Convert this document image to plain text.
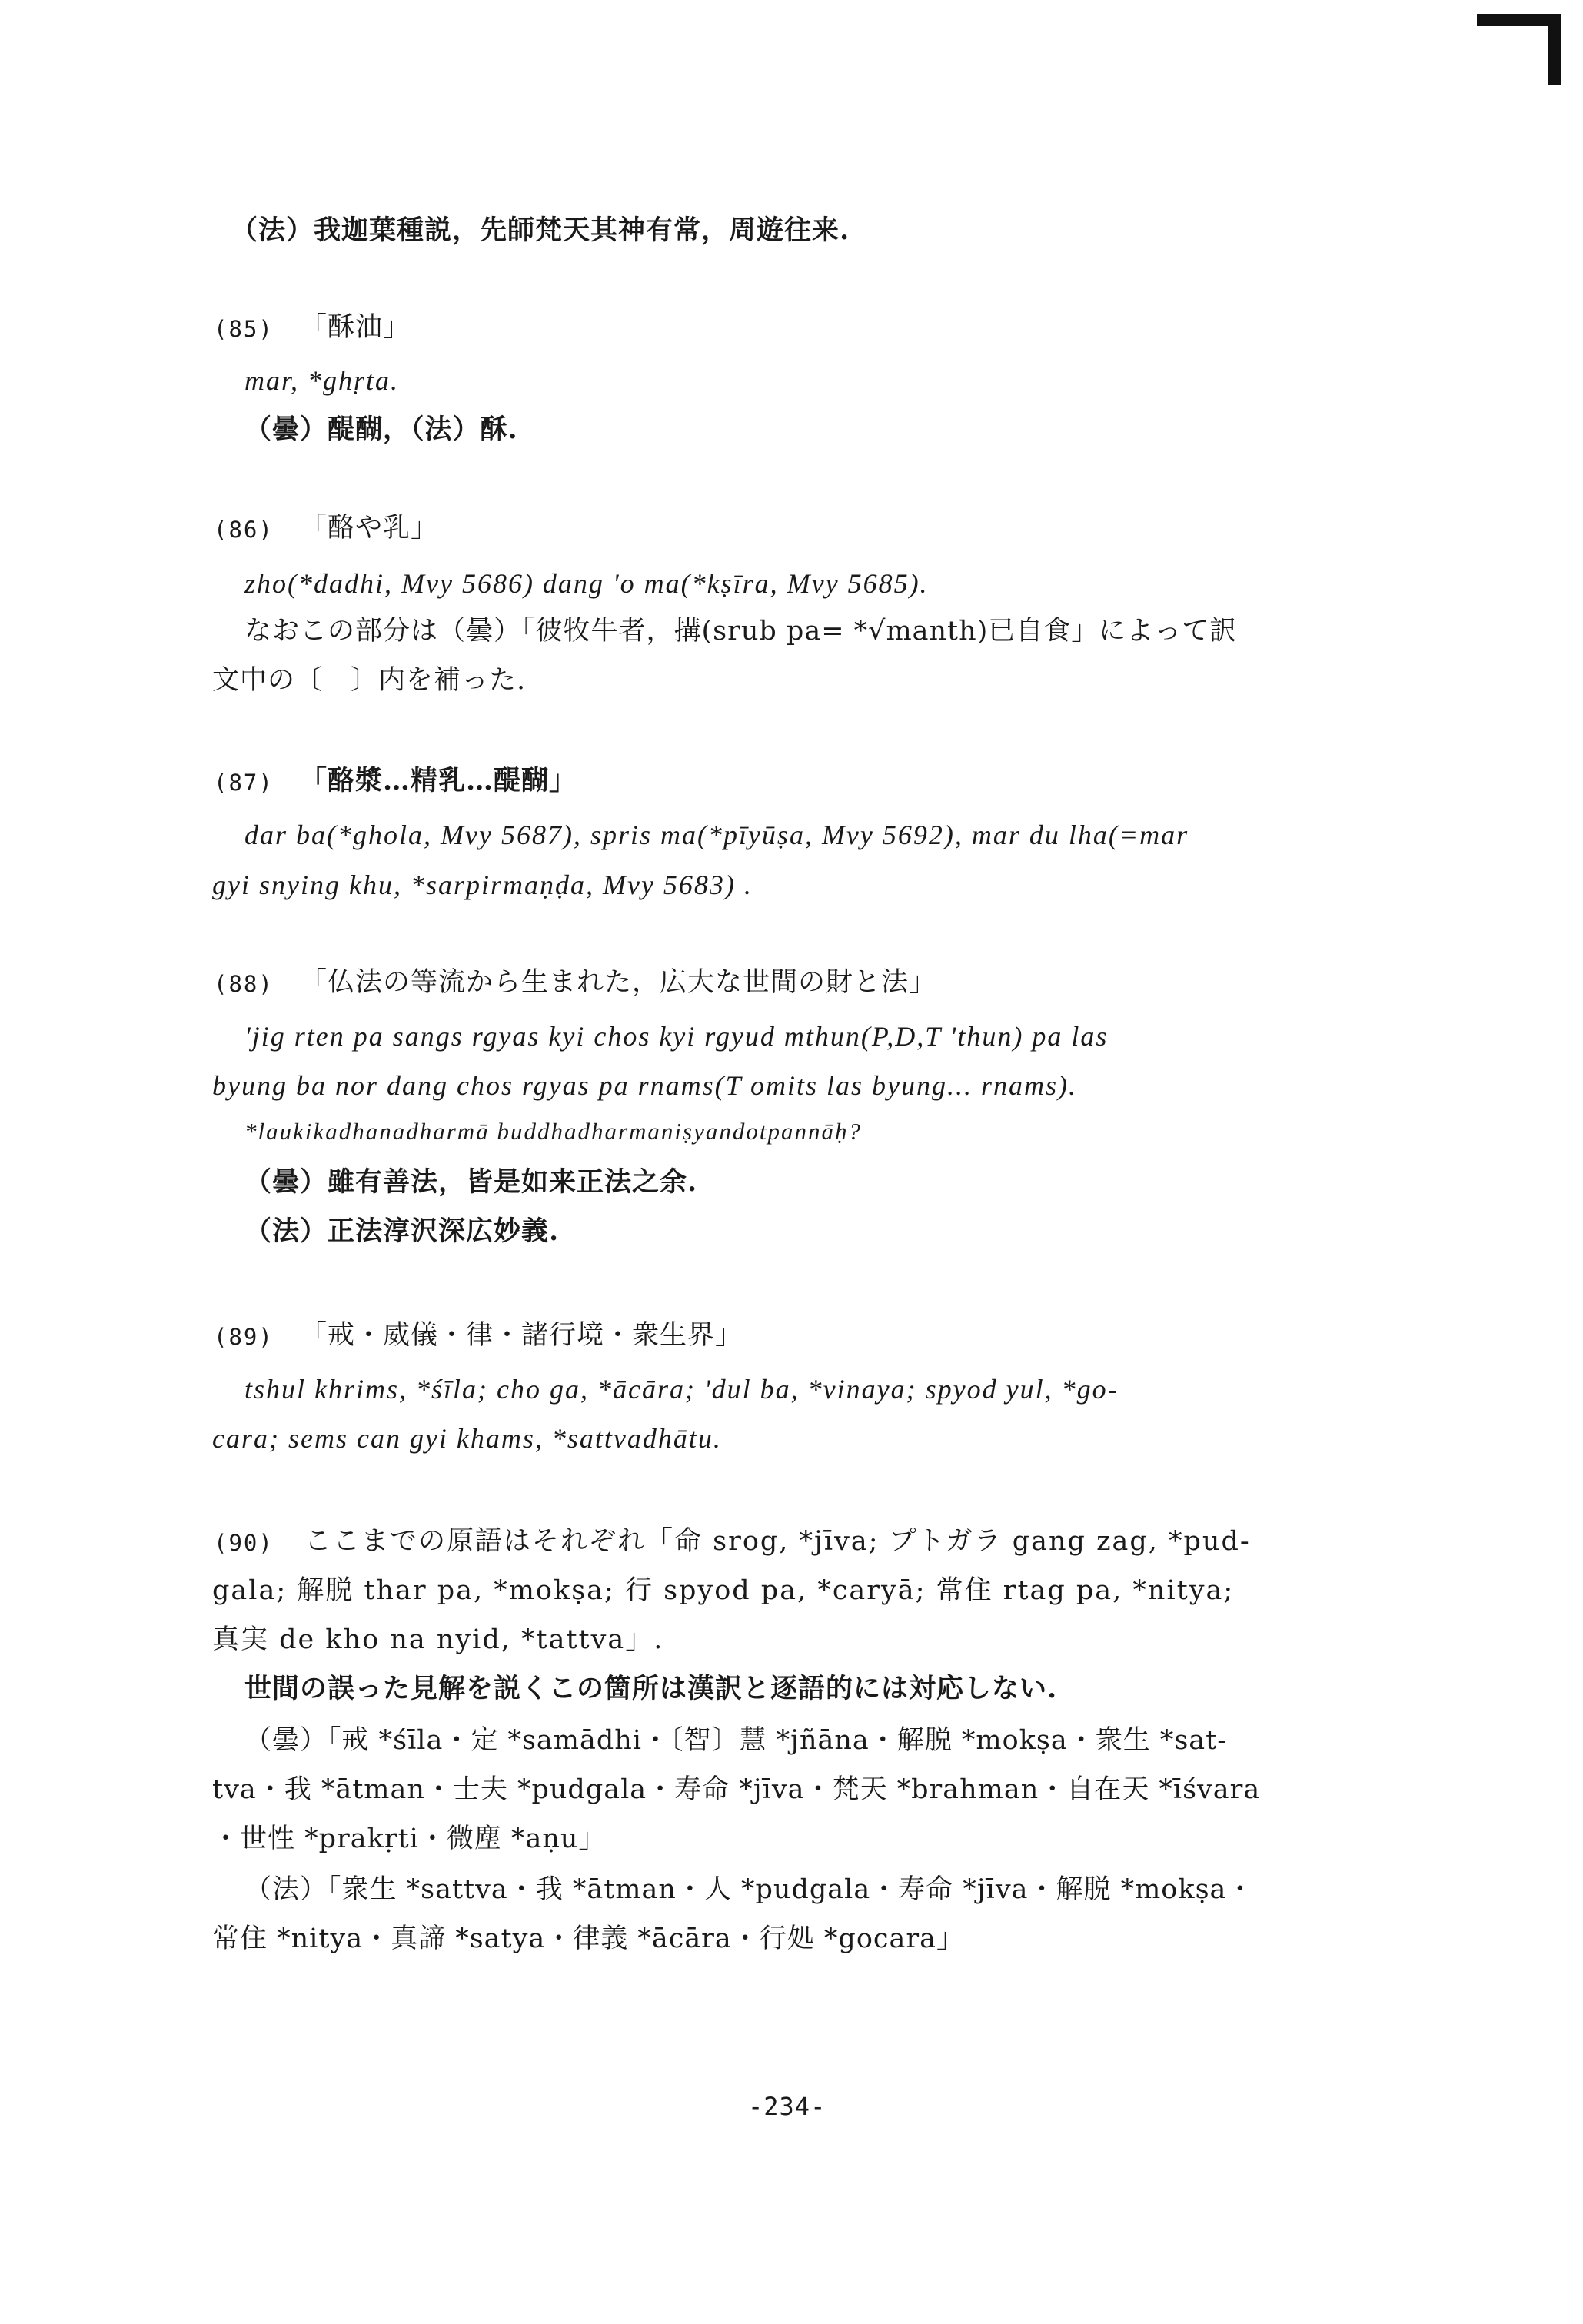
（法）我迦葉種説，先師梵天其神有常，周遊往来.
(85) 「酥油」
mar, *ghṛta.
（曇）醍醐，（法）酥.
(86) 「酪や乳」
zho(*dadhi, Mvy 5686) dang 'o ma(*kṣīra, Mvy 5685).
なおこの部分は（曇）「彼牧牛者，搆(srub pa= *√manth)已自食」によって訳
文中の〔　〕内を補った.
(87) 「酪漿…精乳…醍醐」
dar ba(*ghola, Mvy 5687), spris ma(*pīyūṣa, Mvy 5692), mar du lha(=mar
gyi snying khu, *sarpirmaṇḍa, Mvy 5683) .
(88) 「仏法の等流から生まれた，広大な世間の財と法」
'jig rten pa sangs rgyas kyi chos kyi rgyud mthun(P,D,T 'thun) pa las
byung ba nor dang chos rgyas pa rnams(T omits las byung... rnams).
*laukikadhanadharmā buddhadharmaniṣyandotpannāḥ?
（曇）雖有善法，皆是如来正法之余.
（法）正法淳沢深広妙義.
(89) 「戒・威儀・律・諸行境・衆生界」
tshul khrims, *śīla; cho ga, *ācāra; 'dul ba, *vinaya; spyod yul, *go-
cara; sems can gyi khams, *sattvadhātu.
(90) ここまでの原語はそれぞれ「命 srog, *jīva; プトガラ gang zag, *pud-
gala; 解脱 thar pa, *mokṣa; 行 spyod pa, *caryā; 常住 rtag pa, *nitya;
真実 de kho na nyid, *tattva」.
世間の誤った見解を説くこの箇所は漢訳と逐語的には対応しない.
（曇）「戒 *śīla・定 *samādhi・〔智〕慧 *jñāna・解脱 *mokṣa・衆生 *sat-
tva・我 *ātman・士夫 *pudgala・寿命 *jīva・梵天 *brahman・自在天 *īśvara
・世性 *prakṛti・微塵 *aṇu」
（法）「衆生 *sattva・我 *ātman・人 *pudgala・寿命 *jīva・解脱 *mokṣa・
常住 *nitya・真諦 *satya・律義 *ācāra・行処 *gocara」
-234-
